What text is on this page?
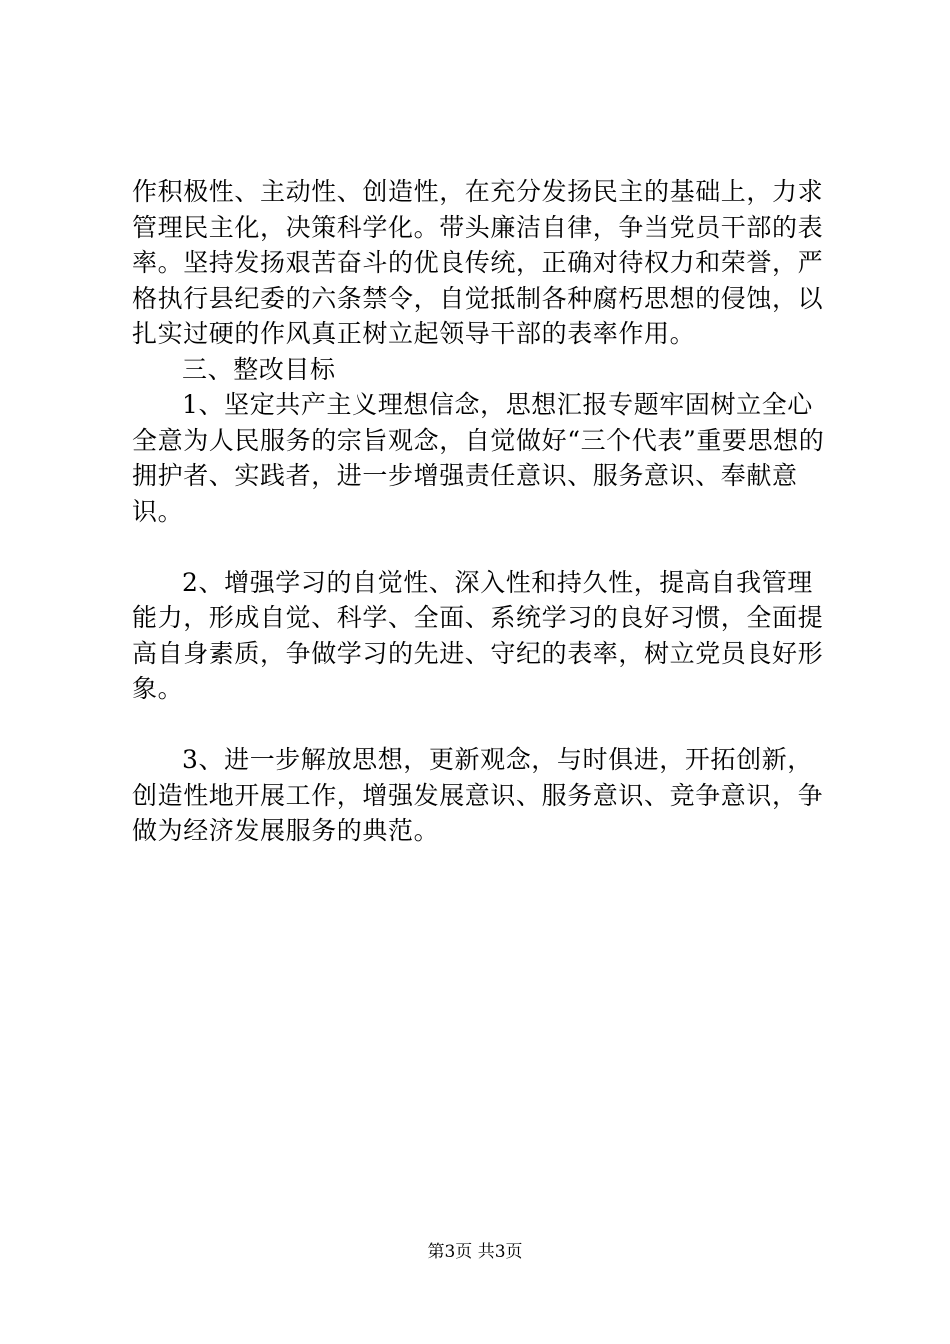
作积极性、主动性、创造性，在充分发扬民主的基础上，力求管理民主化，决策科学化。带头廉洁自律，争当党员干部的表率。坚持发扬艰苦奋斗的优良传统，正确对待权力和荣誉，严格执行县纪委的六条禁令，自觉抵制各种腐朽思想的侵蚀，以扎实过硬的作风真正树立起领导干部的表率作用。

三、整改目标

1、坚定共产主义理想信念，思想汇报专题牢固树立全心全意为人民服务的宗旨观念，自觉做好“三个代表”重要思想的拥护者、实践者，进一步增强责任意识、服务意识、奉献意识。

2、增强学习的自觉性、深入性和持久性，提高自我管理能力，形成自觉、科学、全面、系统学习的良好习惯，全面提高自身素质，争做学习的先进、守纪的表率，树立党员良好形象。

3、进一步解放思想，更新观念，与时俱进，开拓创新，创造性地开展工作，增强发展意识、服务意识、竞争意识，争做为经济发展服务的典范。

第3页 共3页
